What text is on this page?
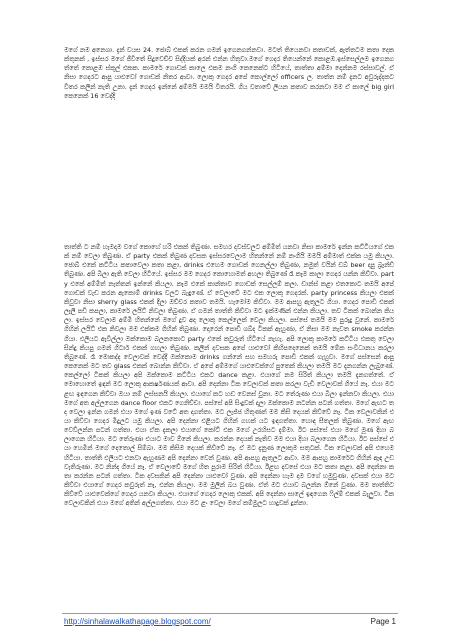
මගේ නම අනෙශා. දැන් වයස 24. ජොබ් එකක් කරන ගමන් ඉගෙනගන්නවා. මටත් තියෙනවා කතාවක්, ඇත්තටම කතා දෙකක්තුනක් , ඉස්සර මගේ ජීවිතේ සිදුවෙච්ච සිද්දියක් අරන් එන්න හිතුවා.මගේ ගෙදර තියෙන්නේ කොළඹ.ඉස්සෙල්ලම ඉගෙනගත්තේ කොළඹ ස්කූල් එකක. කාමරේ ගොඩක් කාලෙ එකම නංගි කෙනෙක්ට හිටියේ, තාත්තා අම්මා දෙන්නම රස්සාවල්. ඒ නිසා ගෙදරට ආපු යාළුවෝ ගොඩක් නිතර ආවා. ලොකු ගෙදර අපේ කොල්ලෝ officers ල. තාත්ත නම් දැනට අවුරුද්දකට විතර කලින් නැති උනා. දැන් ගෙදර ඉන්නේ අම්මයි මමයි විතරයි. ගිය වතාවේ ලියන කතාව කරනවා මම ඒ කාලේ big girl කෙනෙක් 16 වෙද්දි

තාත්ති ට නම් හැමදාම වගේ කොහේ හරි එකක් තිබුණා. සමහර දවස්වලට අම්මිත් යනවා නිසා කාමරේ ඉන්න කට්ටියගේ එකක් නම් වෙලා තිබුණා. ඒ party එකක් තිබුණ දවසක ඉස්සරවෙලාම හිතන්නේ නම් නංගියි මමයි අම්මාත් එක්ක යමු කියලා. ජොබ් එකේ කට්ටිය කතාවෙලා කතා කළා, drinks එහෙම ගොඩක් ගෙනල්ලා තිබුණා, නමුත් වයින් ඩබ් beer දාපු බ්‍රෑන්ඩ් තිබුණා. අපි බීලා ඇති වෙලා හිටියේ. ඉස්සර මම ගෙදර කොහොමත් අහලා තිබුණේ රෑ කෑම කාලා ගෙදර යන්න කිව්වා. party එකේ අම්මිත් නැත්තන් ඉන්නේ කියලා. කෑම එකේ කාන්තාව ගොඩක් සෙල්ලම් කලා. ඩාන්ස් කළා එතකොට තමයි අපේ ගොඩක් වැඩ කරන ඇකොම් drinks වලට බැඳුණේ. ඒ වෙලාවේ මට එක ලොකු ගෙදරක්. party princess කියලා එකක් කිවුවා නිසා sherry glass එකක් දීලා ඔච්චර කතාව තමයි. හැමෝම කිව්වා. මම ආපහු ඇතුලට ගියා. ගෙදර පොඩි එකක් ලෑලි පඩි කපලා, කාමරේ ලයිට් නිවලා තිබුණා. ඒ ගමන් තාත්ති කිව්වා මට ඉක්මණින් එන්න කියලා. තව ටිකක් බොන්න කියලා. ඉස්සර වෙලාම අම්මි හිතන්නේ මගේ දුව අද ලොකු කෙල්ලෙක් වෙලා කියලා. පස්සේ තමයි මම පුරුදු වුනේ. කාමරේ ගිහින් ලයිට් එක නිවලා මම එක්කම ගිහින් තිබුණා. දොරෙන් පොඩි ශබ්ද ටිකක් ඇහුණා, ඒ නිසා මම නැවත smoke කරන්න ගියා. එලියට ඇවිල්ලා ඔක්කොම බලනකොට party එකේ කවුරුත් හිටියේ නැහැ. අපි ලොකු කාමරේ කට්ටිය එකතු වෙලා සින්දු කියපු ගමන් ගිටාර් එකක් ගහලා තිබුණා. කලින් දවසක අපේ යාළුවෝ කිහිපදෙනෙක් තමයි මේක සංවිධානය කරලා තිබුණේ. රෑ මොකද්ද වෙලාවක් වෙද්දී ඔක්කොම drinks ගන්නේ සහ සමහරු පොඩි එකක් ගැහුවා. මගේ පස්සෙන් ආපු කෙනෙක් මට තව glass එකක් බොන්න කිව්වා. ඒ අපේ අම්මගේ යාළුවෙක්ගේ පුතෙක් කියලා තමයි මට දැනගන්න ලැබුණේ. කෙල්ලෝ ටිකක් කියලා අපි ඔක්කොම කට්ටිය එකට dance කළා. එයාගේ නම සිරිත් කියලා තමයි දැනගත්තේ. ඒ මොහොතේ ඉඳන් මට ලොකු ආකර්ෂණයක් ආවා. අපි දෙන්නා ටික වෙලාවක් කතා කරලා වැඩි වෙලාවක් ගියේ නෑ. එයා මට ළඟ ඉඳගෙන කිව්වා ඔයා නම් ලස්සනයි කියලා. එයාගේ කට හඬ වෙනස් වුනා. මට තේරුණා එයා බීලා ඉන්නවා කියලා. එයා මගේ අත අල්ලගෙන dance floor එකට ගෙනිච්චා. පස්සේ අපි සිංදුවක් දාලා ඔක්කොම නටන්න පටන් ගත්තා. මගේ ඇඟට තද වෙලා ඉන්න ගමන් එයා මගේ ඉණ වටේ අත දාගත්තා. මට ලැජ්ජ හිතුණත් මම කිසි දෙයක් කිව්වේ නෑ. ටික වෙලාවකින් එයා කිව්වා ගෙදර මිදුලට යමු කියලා. අපි දෙන්නා එළියට ගිහින් ගහක් යට ඉඳගත්තා. හොඳ සීතලක් තිබුණා. මගේ ඇඟ වෙව්ලන්න පටන් ගත්තා. එයා ඒක දැකලා එයාගේ කෝට් එක මගේ උරහිසට දැම්මා. ඊට පස්සේ එයා මගේ මූණ දිහා බලාගෙන හිටියා. මට තේරුණා එයාට මාව ඕනේ කියලා. කරන්න දෙයක් නැතිව මම එයා දිහා බලාගෙන හිටියා. ඊට පස්සේ එයා හෙමින් මගේ දෙතොල් සිම්බා. මම කිසිම දෙයක් කිව්වේ නෑ. ඒ මට දැනුණ ලොකුම සතුටක්. ටික වෙලාවක් අපි එහෙම හිටියා. තාත්ති එලියට එනවා ඇහුණම අපි දෙන්නා වෙන් වුණා. අපි ආපහු ඇතුලට ආවා. මම ආපහු කාමරේට ගිහින් ඇඳ උඩ වැතිරුණා. මට නින්ද ගියේ නෑ. ඒ වෙලාවේ මගේ හිත පුරාම සිරිත් හිටියා. ඊළඟ දවසේ එයා මට කතා කළා. අපි දෙන්නා කතා කරන්න පටන් ගත්තා. ටික දවසකින් අපි දෙන්නා යාළුවෝ වුණා. අපි දෙන්නා හැම දාම වගේ හමුවුණා. දවසක් එයා මට කිව්වා එයාගේ ගෙදර කවුරුත් නෑ, එන්න කියලා. මම මුලින් බය වුණා. ඒත් මට එයාව බලන්න ඕනේ වුණා. මම තාත්තිට කිව්වේ යාළුවෙක්ගේ ගෙදර යනවා කියලා. එයාගේ ගෙදර ලොකු එකක්. අපි දෙන්නා සාලේ ඉඳගෙන ෆිල්ම් එකක් බැලුවා. ටික වෙලාවකින් එයා මගේ අතින් අල්ලගත්තා. එයා මට ළං වෙලා මගේ කම්මුලට හාදුවක් දුන්නා.

http://sinhalawalkathapage.blogspot.com/	Page 1
